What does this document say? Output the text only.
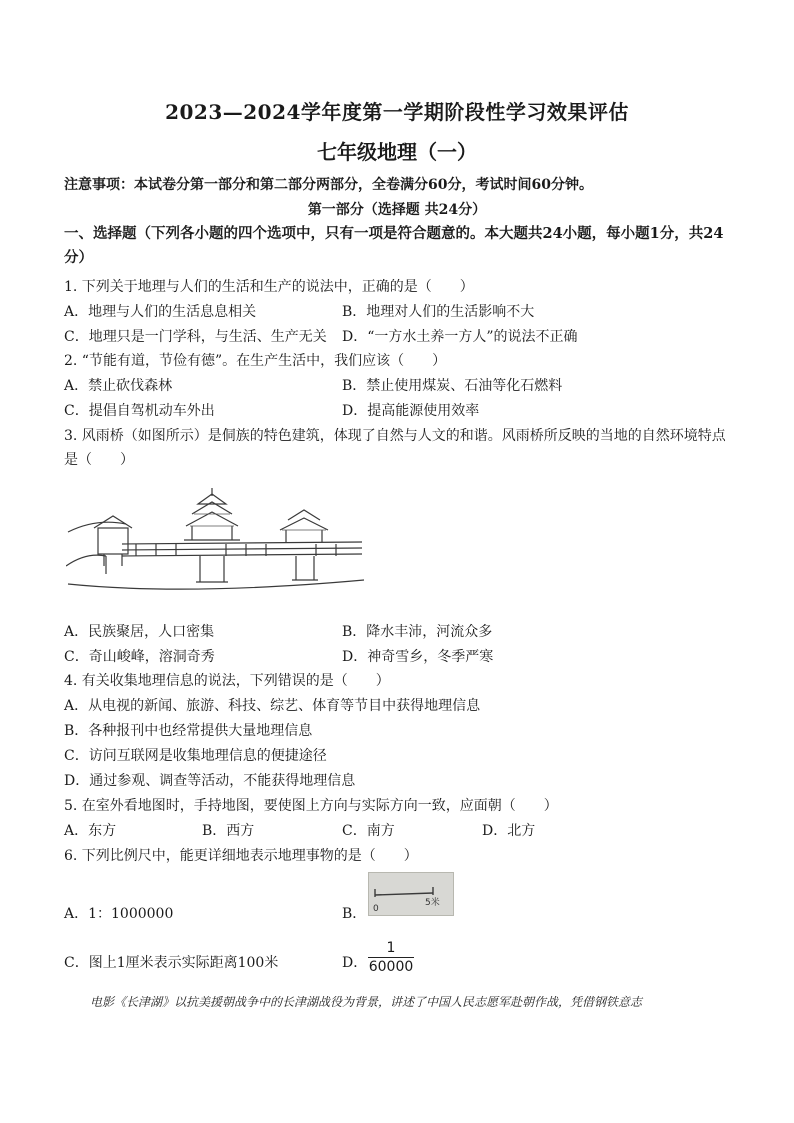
2023—2024学年度第一学期阶段性学习效果评估
七年级地理（一）
注意事项：本试卷分第一部分和第二部分两部分，全卷满分60分，考试时间60分钟。
第一部分（选择题 共24分）
一、选择题（下列各小题的四个选项中，只有一项是符合题意的。本大题共24小题，每小题1分，共24分）
1. 下列关于地理与人们的生活和生产的说法中，正确的是（　　）
A．地理与人们的生活息息相关	B．地理对人们的生活影响不大
C．地理只是一门学科，与生活、生产无关 D．“一方水土养一方人”的说法不正确
2. “节能有道，节俭有德”。在生产生活中，我们应该（　　）
A．禁止砍伐森林	B．禁止使用煤炭、石油等化石燃料
C．提倡自驾机动车外出	D．提高能源使用效率
3. 风雨桥（如图所示）是侗族的特色建筑，体现了自然与人文的和谐。风雨桥所反映的当地的自然环境特点是（　　）
A．民族聚居，人口密集	B．降水丰沛，河流众多
C．奇山峻峰，溶洞奇秀	D．神奇雪乡，冬季严寒
4. 有关收集地理信息的说法，下列错误的是（　　）
A．从电视的新闻、旅游、科技、综艺、体育等节目中获得地理信息
B．各种报刊中也经常提供大量地理信息
C．访问互联网是收集地理信息的便捷途径
D．通过参观、调查等活动，不能获得地理信息
5. 在室外看地图时，手持地图，要使图上方向与实际方向一致，应面朝（　　）
A．东方	B．西方	C．南方	D．北方
6. 下列比例尺中，能更详细地表示地理事物的是（　　）
A．1：1000000	B． 0
5米
C．图上1厘米表示实际距离100米	D． $\frac{1}{60000}$
电影《长津湖》以抗美援朝战争中的长津湖战役为背景，讲述了中国人民志愿军赴朝作战，凭借钢铁意志
